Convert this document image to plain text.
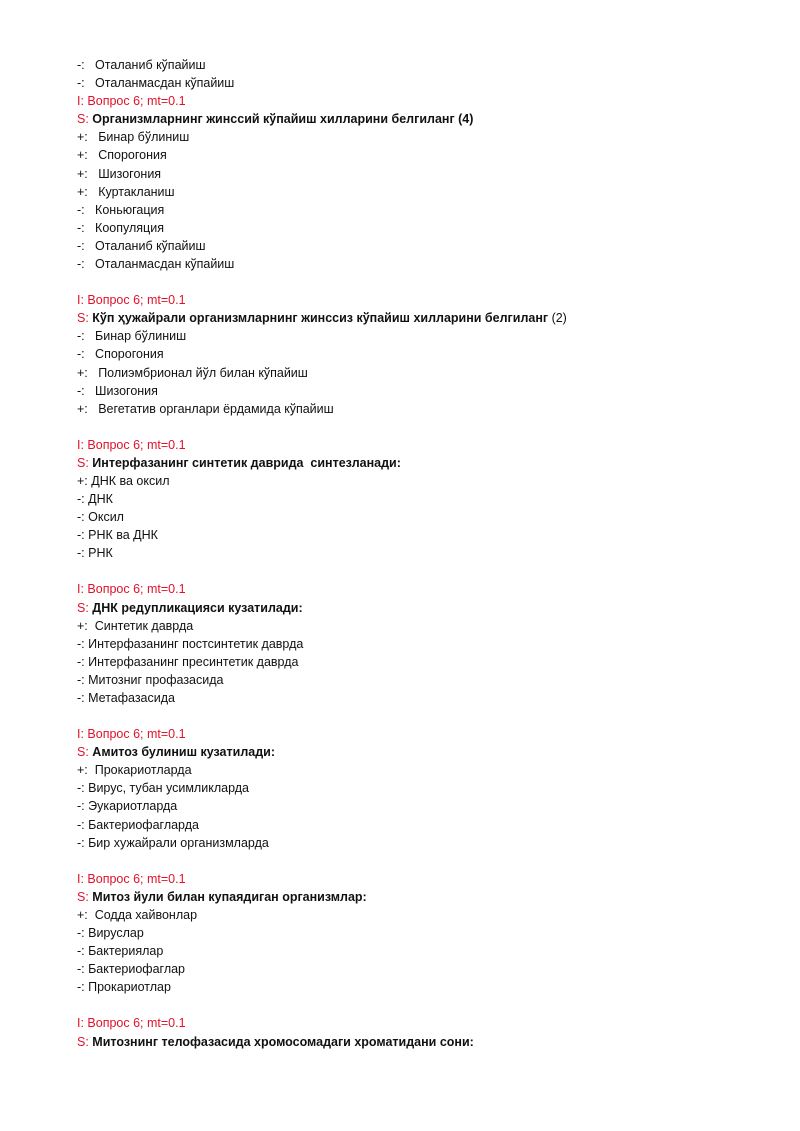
-:   Оталаниб кўпайиш
-:   Оталанмасдан кўпайиш
I: Вопрос 6; mt=0.1
S: Организмларнинг жинссий кўпайиш хилларини белгиланг (4)
+:   Бинар бўлиниш
+:   Спорогония
+:   Шизогония
+:   Куртакланиш
-:   Коньюгация
-:   Коопуляция
-:   Оталаниб кўпайиш
-:   Оталанмасдан кўпайиш
I: Вопрос 6; mt=0.1
S: Кўп ҳужайрали организмларнинг жинссиз кўпайиш хилларини белгиланг (2)
-:   Бинар бўлиниш
-:   Спорогония
+:   Полиэмбрионал йўл билан кўпайиш
-:   Шизогония
+:   Вегетатив органлари ёрдамида кўпайиш
I: Вопрос 6; mt=0.1
S: Интерфазанинг синтетик даврида  синтезланади:
+: ДНК ва оксил
-: ДНК
-: Оксил
-: РНК ва ДНК
-: РНК
I: Вопрос 6; mt=0.1
S: ДНК редупликацияси кузатилади:
+:  Синтетик даврда
-: Интерфазанинг постсинтетик даврда
-: Интерфазанинг пресинтетик даврда
-: Митозниг профазасида
-: Метафазасида
I: Вопрос 6; mt=0.1
S: Амитоз булиниш кузатилади:
+:  Прокариотларда
-: Вирус, тубан усимликларда
-: Эукариотларда
-: Бактериофагларда
-: Бир хужайрали организмларда
I: Вопрос 6; mt=0.1
S: Митоз йули билан купаядиган организмлар:
+:  Содда хайвонлар
-: Вируслар
-: Бактериялар
-: Бактериофаглар
-: Прокариотлар
I: Вопрос 6; mt=0.1
S: Митознинг телофазасида хромосомадаги хроматидани сони:
